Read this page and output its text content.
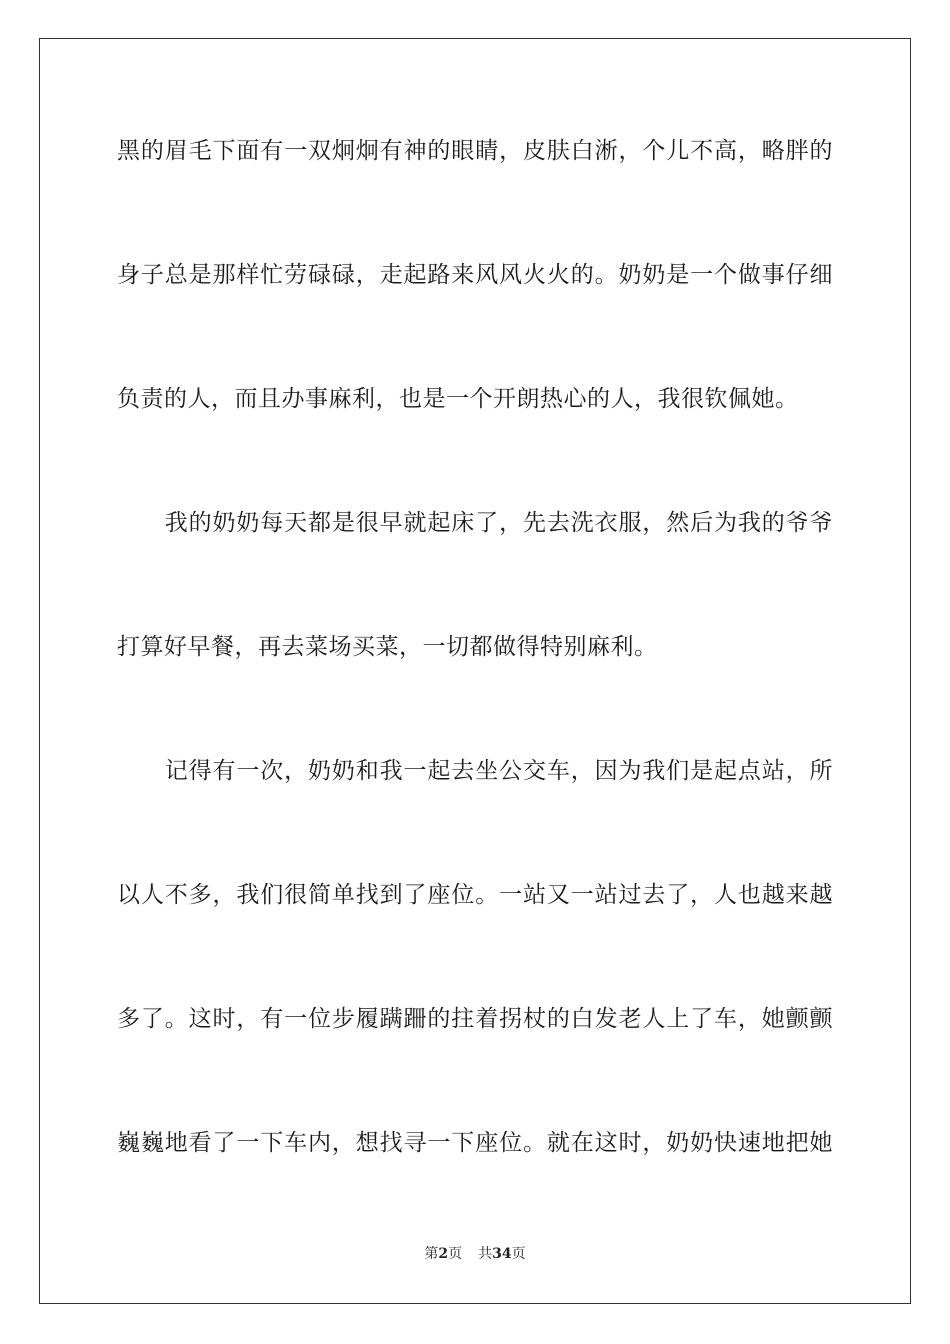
黑的眉毛下面有一双炯炯有神的眼睛，皮肤白淅，个儿不高，略胖的
身子总是那样忙劳碌碌，走起路来风风火火的。奶奶是一个做事仔细
负责的人，而且办事麻利，也是一个开朗热心的人，我很钦佩她。
　　我的奶奶每天都是很早就起床了，先去洗衣服，然后为我的爷爷
打算好早餐，再去菜场买菜，一切都做得特别麻利。
　　记得有一次，奶奶和我一起去坐公交车，因为我们是起点站，所
以人不多，我们很简单找到了座位。一站又一站过去了，人也越来越
多了。这时，有一位步履蹒跚的拄着拐杖的白发老人上了车，她颤颤
巍巍地看了一下车内，想找寻一下座位。就在这时，奶奶快速地把她
第2页 共34页
